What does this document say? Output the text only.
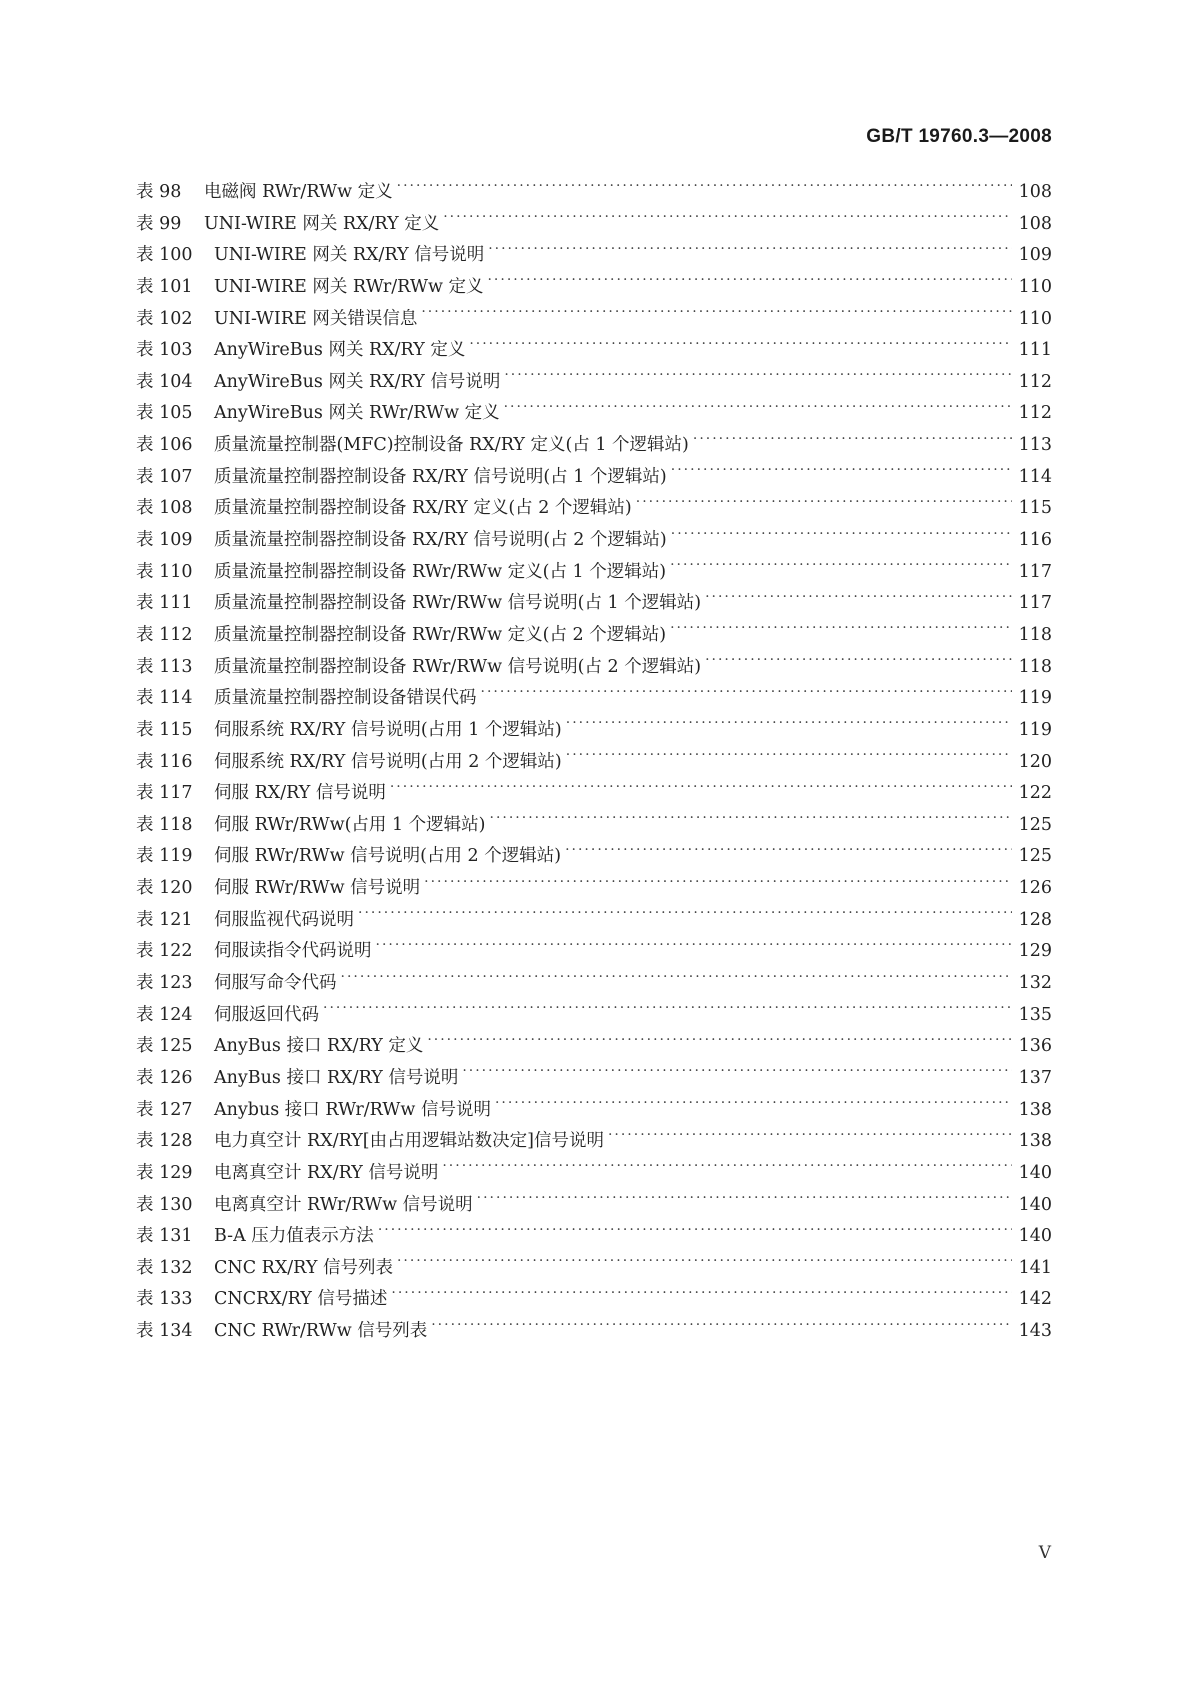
GB/T 19760.3—2008
表 98	电磁阀 RWr/RWw 定义 ·····	108
表 99	UNI-WIRE 网关 RX/RY 定义 ·····	108
表 100	UNI-WIRE 网关 RX/RY 信号说明 ·····	109
表 101	UNI-WIRE 网关 RWr/RWw 定义 ·····	110
表 102	UNI-WIRE 网关错误信息 ·····	110
表 103	AnyWireBus 网关 RX/RY 定义 ·····	111
表 104	AnyWireBus 网关 RX/RY 信号说明 ·····	112
表 105	AnyWireBus 网关 RWr/RWw 定义 ·····	112
表 106	质量流量控制器(MFC)控制设备 RX/RY 定义(占 1 个逻辑站) ·····	113
表 107	质量流量控制器控制设备 RX/RY 信号说明(占 1 个逻辑站) ·····	114
表 108	质量流量控制器控制设备 RX/RY 定义(占 2 个逻辑站) ·····	115
表 109	质量流量控制器控制设备 RX/RY 信号说明(占 2 个逻辑站) ·····	116
表 110	质量流量控制器控制设备 RWr/RWw 定义(占 1 个逻辑站) ·····	117
表 111	质量流量控制器控制设备 RWr/RWw 信号说明(占 1 个逻辑站) ·····	117
表 112	质量流量控制器控制设备 RWr/RWw 定义(占 2 个逻辑站) ·····	118
表 113	质量流量控制器控制设备 RWr/RWw 信号说明(占 2 个逻辑站) ·····	118
表 114	质量流量控制器控制设备错误代码 ·····	119
表 115	伺服系统 RX/RY 信号说明(占用 1 个逻辑站) ·····	119
表 116	伺服系统 RX/RY 信号说明(占用 2 个逻辑站) ·····	120
表 117	伺服 RX/RY 信号说明 ·····	122
表 118	伺服 RWr/RWw(占用 1 个逻辑站) ·····	125
表 119	伺服 RWr/RWw 信号说明(占用 2 个逻辑站) ·····	125
表 120	伺服 RWr/RWw 信号说明 ·····	126
表 121	伺服监视代码说明 ·····	128
表 122	伺服读指令代码说明 ·····	129
表 123	伺服写命令代码 ·····	132
表 124	伺服返回代码 ·····	135
表 125	AnyBus 接口 RX/RY 定义 ·····	136
表 126	AnyBus 接口 RX/RY 信号说明 ·····	137
表 127	Anybus 接口 RWr/RWw 信号说明 ·····	138
表 128	电力真空计 RX/RY[由占用逻辑站数决定]信号说明 ·····	138
表 129	电离真空计 RX/RY 信号说明 ·····	140
表 130	电离真空计 RWr/RWw 信号说明 ·····	140
表 131	B-A 压力值表示方法 ·····	140
表 132	CNC RX/RY 信号列表 ·····	141
表 133	CNCRX/RY 信号描述 ·····	142
表 134	CNC RWr/RWw 信号列表 ·····	143
V
